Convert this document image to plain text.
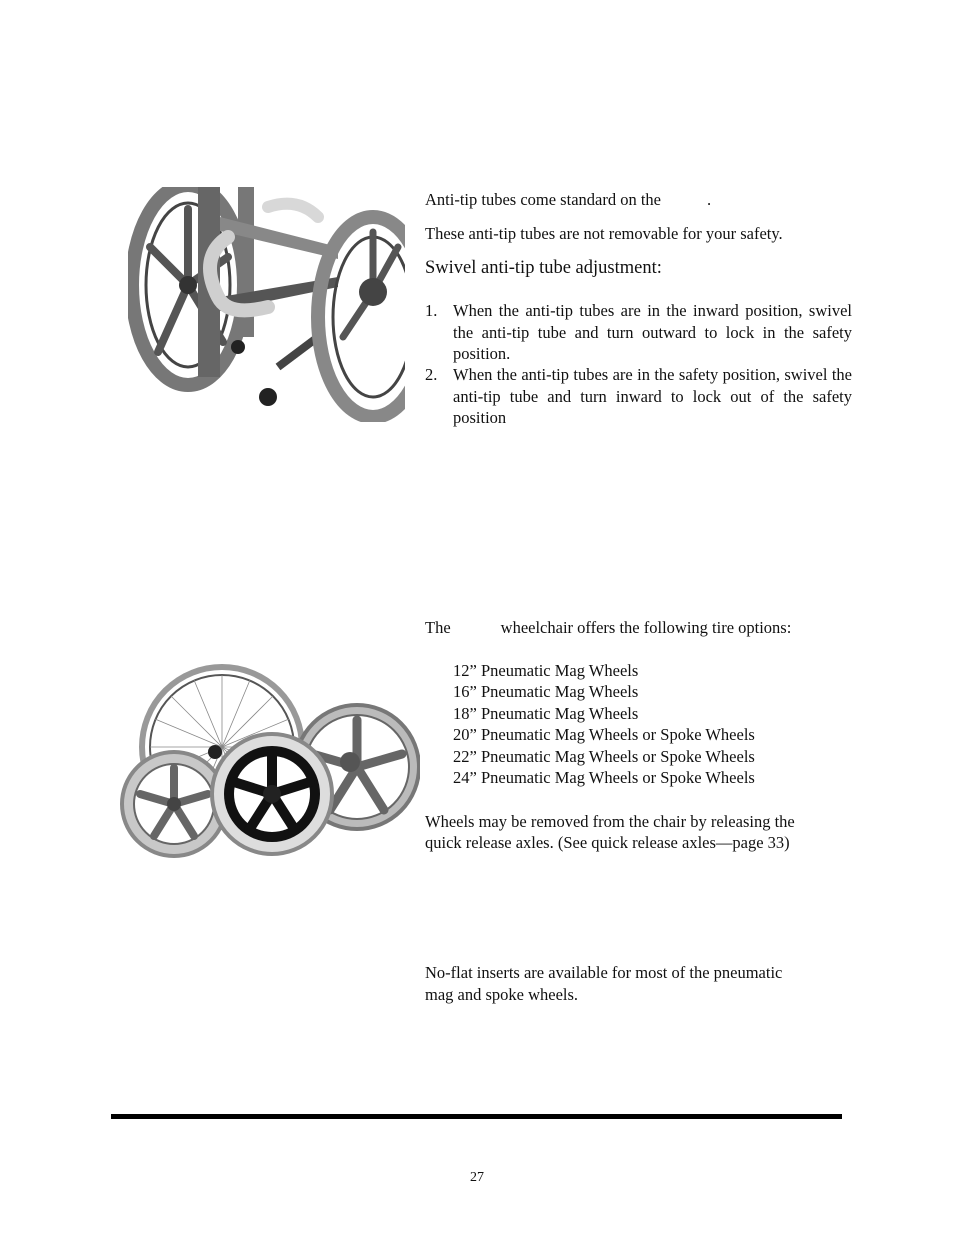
Anti-tip tubes come standard on the	.
These anti-tip tubes are not removable for your safety.
Swivel anti-tip tube adjustment:
1. When the anti-tip tubes are in the inward position, swivel the anti-tip tube and turn outward to lock in the safety position.
2. When the anti-tip tubes are in the safety position, swivel the anti-tip tube and turn inward to lock out of the safety position
The	wheelchair offers the following tire options:
12” Pneumatic Mag Wheels
16” Pneumatic Mag Wheels
18” Pneumatic Mag Wheels
20” Pneumatic Mag Wheels or Spoke Wheels
22” Pneumatic Mag Wheels or Spoke Wheels
24” Pneumatic Mag Wheels or Spoke Wheels
Wheels may be removed from the chair by releasing the
quick release axles. (See quick release axles—page 33)
No-flat inserts are available for most of the pneumatic
mag and spoke wheels.
27
